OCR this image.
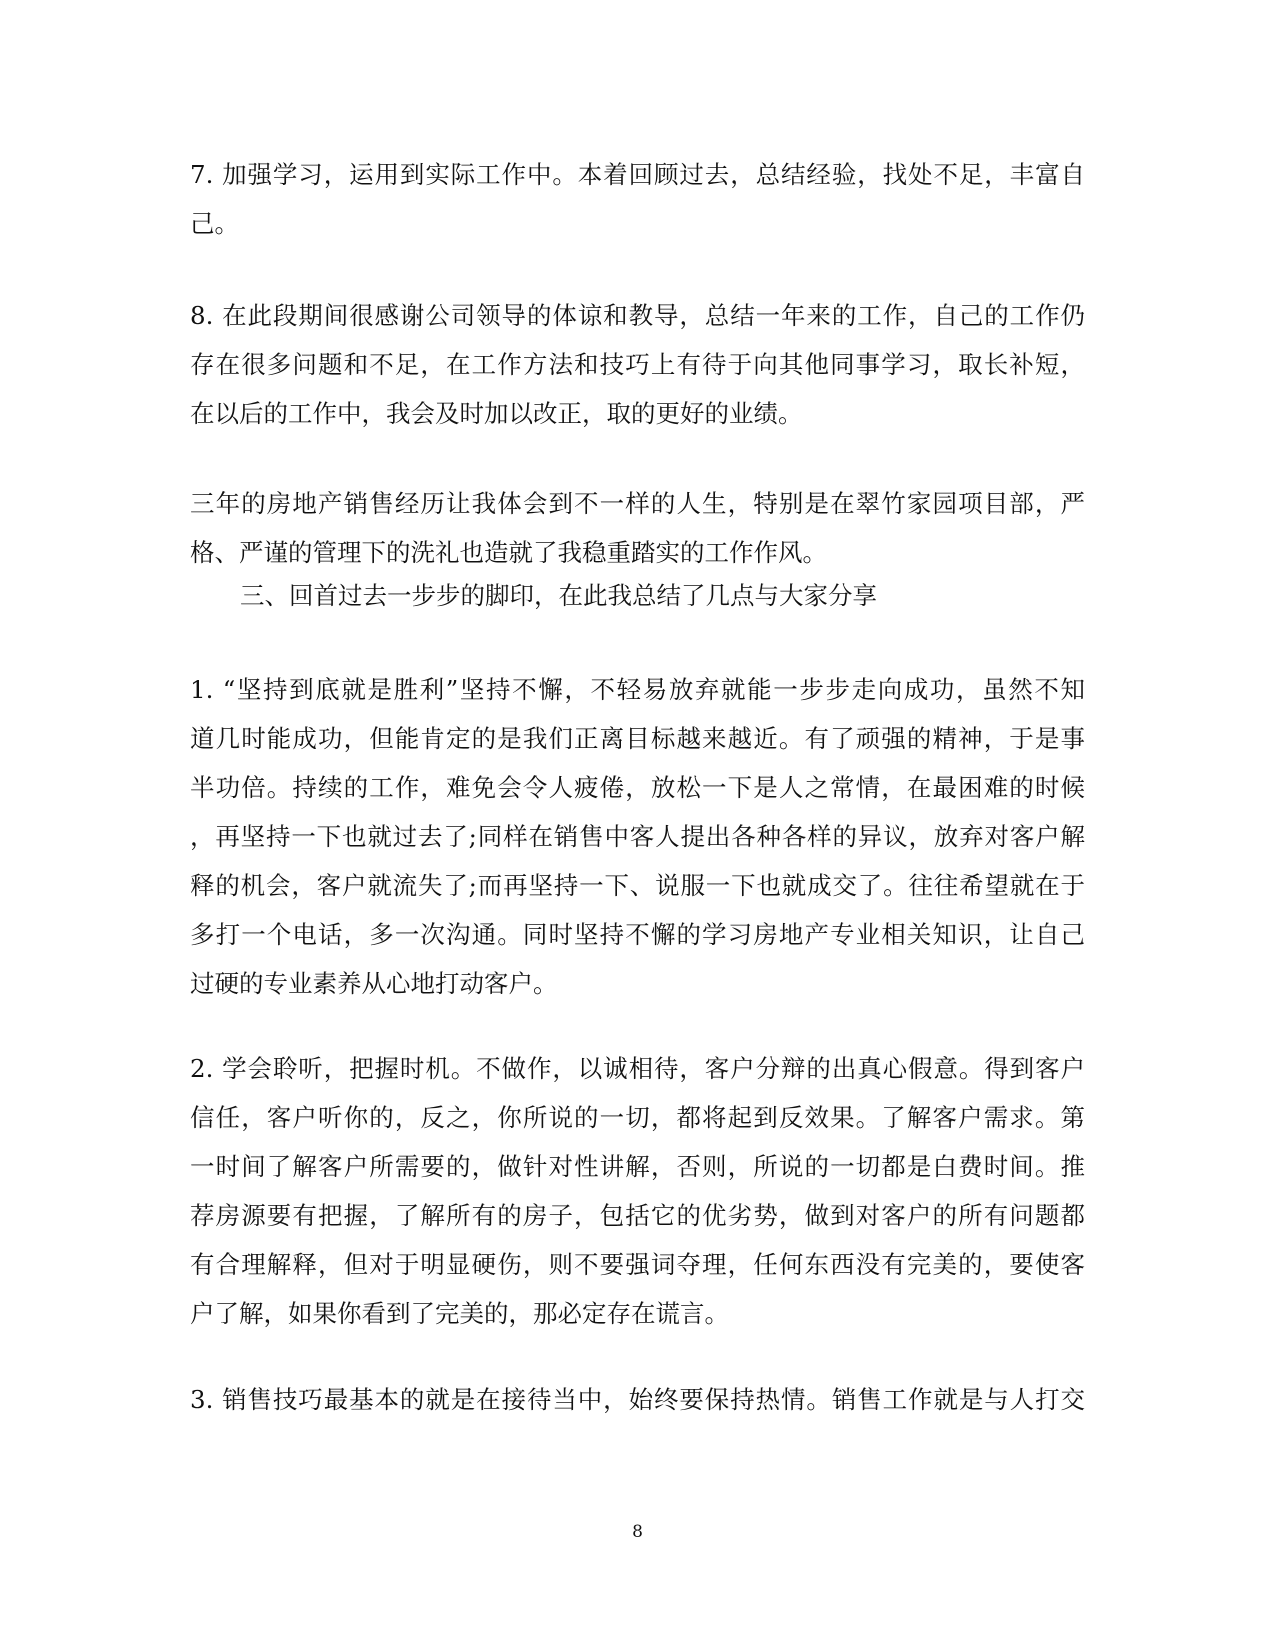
7. 加强学习，运用到实际工作中。本着回顾过去，总结经验，找处不足，丰富自
己。

8. 在此段期间很感谢公司领导的体谅和教导，总结一年来的工作，自己的工作仍
存在很多问题和不足，在工作方法和技巧上有待于向其他同事学习，取长补短，
在以后的工作中，我会及时加以改正，取的更好的业绩。

三年的房地产销售经历让我体会到不一样的人生，特别是在翠竹家园项目部，严
格、严谨的管理下的洗礼也造就了我稳重踏实的工作作风。

三、回首过去一步步的脚印，在此我总结了几点与大家分享

1. “坚持到底就是胜利”坚持不懈，不轻易放弃就能一步步走向成功，虽然不知
道几时能成功，但能肯定的是我们正离目标越来越近。有了顽强的精神，于是事
半功倍。持续的工作，难免会令人疲倦，放松一下是人之常情，在最困难的时候
，再坚持一下也就过去了;同样在销售中客人提出各种各样的异议，放弃对客户解
释的机会，客户就流失了;而再坚持一下、说服一下也就成交了。往往希望就在于
多打一个电话，多一次沟通。同时坚持不懈的学习房地产专业相关知识，让自己
过硬的专业素养从心地打动客户。

2. 学会聆听，把握时机。不做作，以诚相待，客户分辩的出真心假意。得到客户
信任，客户听你的，反之，你所说的一切，都将起到反效果。了解客户需求。第
一时间了解客户所需要的，做针对性讲解，否则，所说的一切都是白费时间。推
荐房源要有把握，了解所有的房子，包括它的优劣势，做到对客户的所有问题都
有合理解释，但对于明显硬伤，则不要强词夺理，任何东西没有完美的，要使客
户了解，如果你看到了完美的，那必定存在谎言。

3. 销售技巧最基本的就是在接待当中，始终要保持热情。销售工作就是与人打交

8
